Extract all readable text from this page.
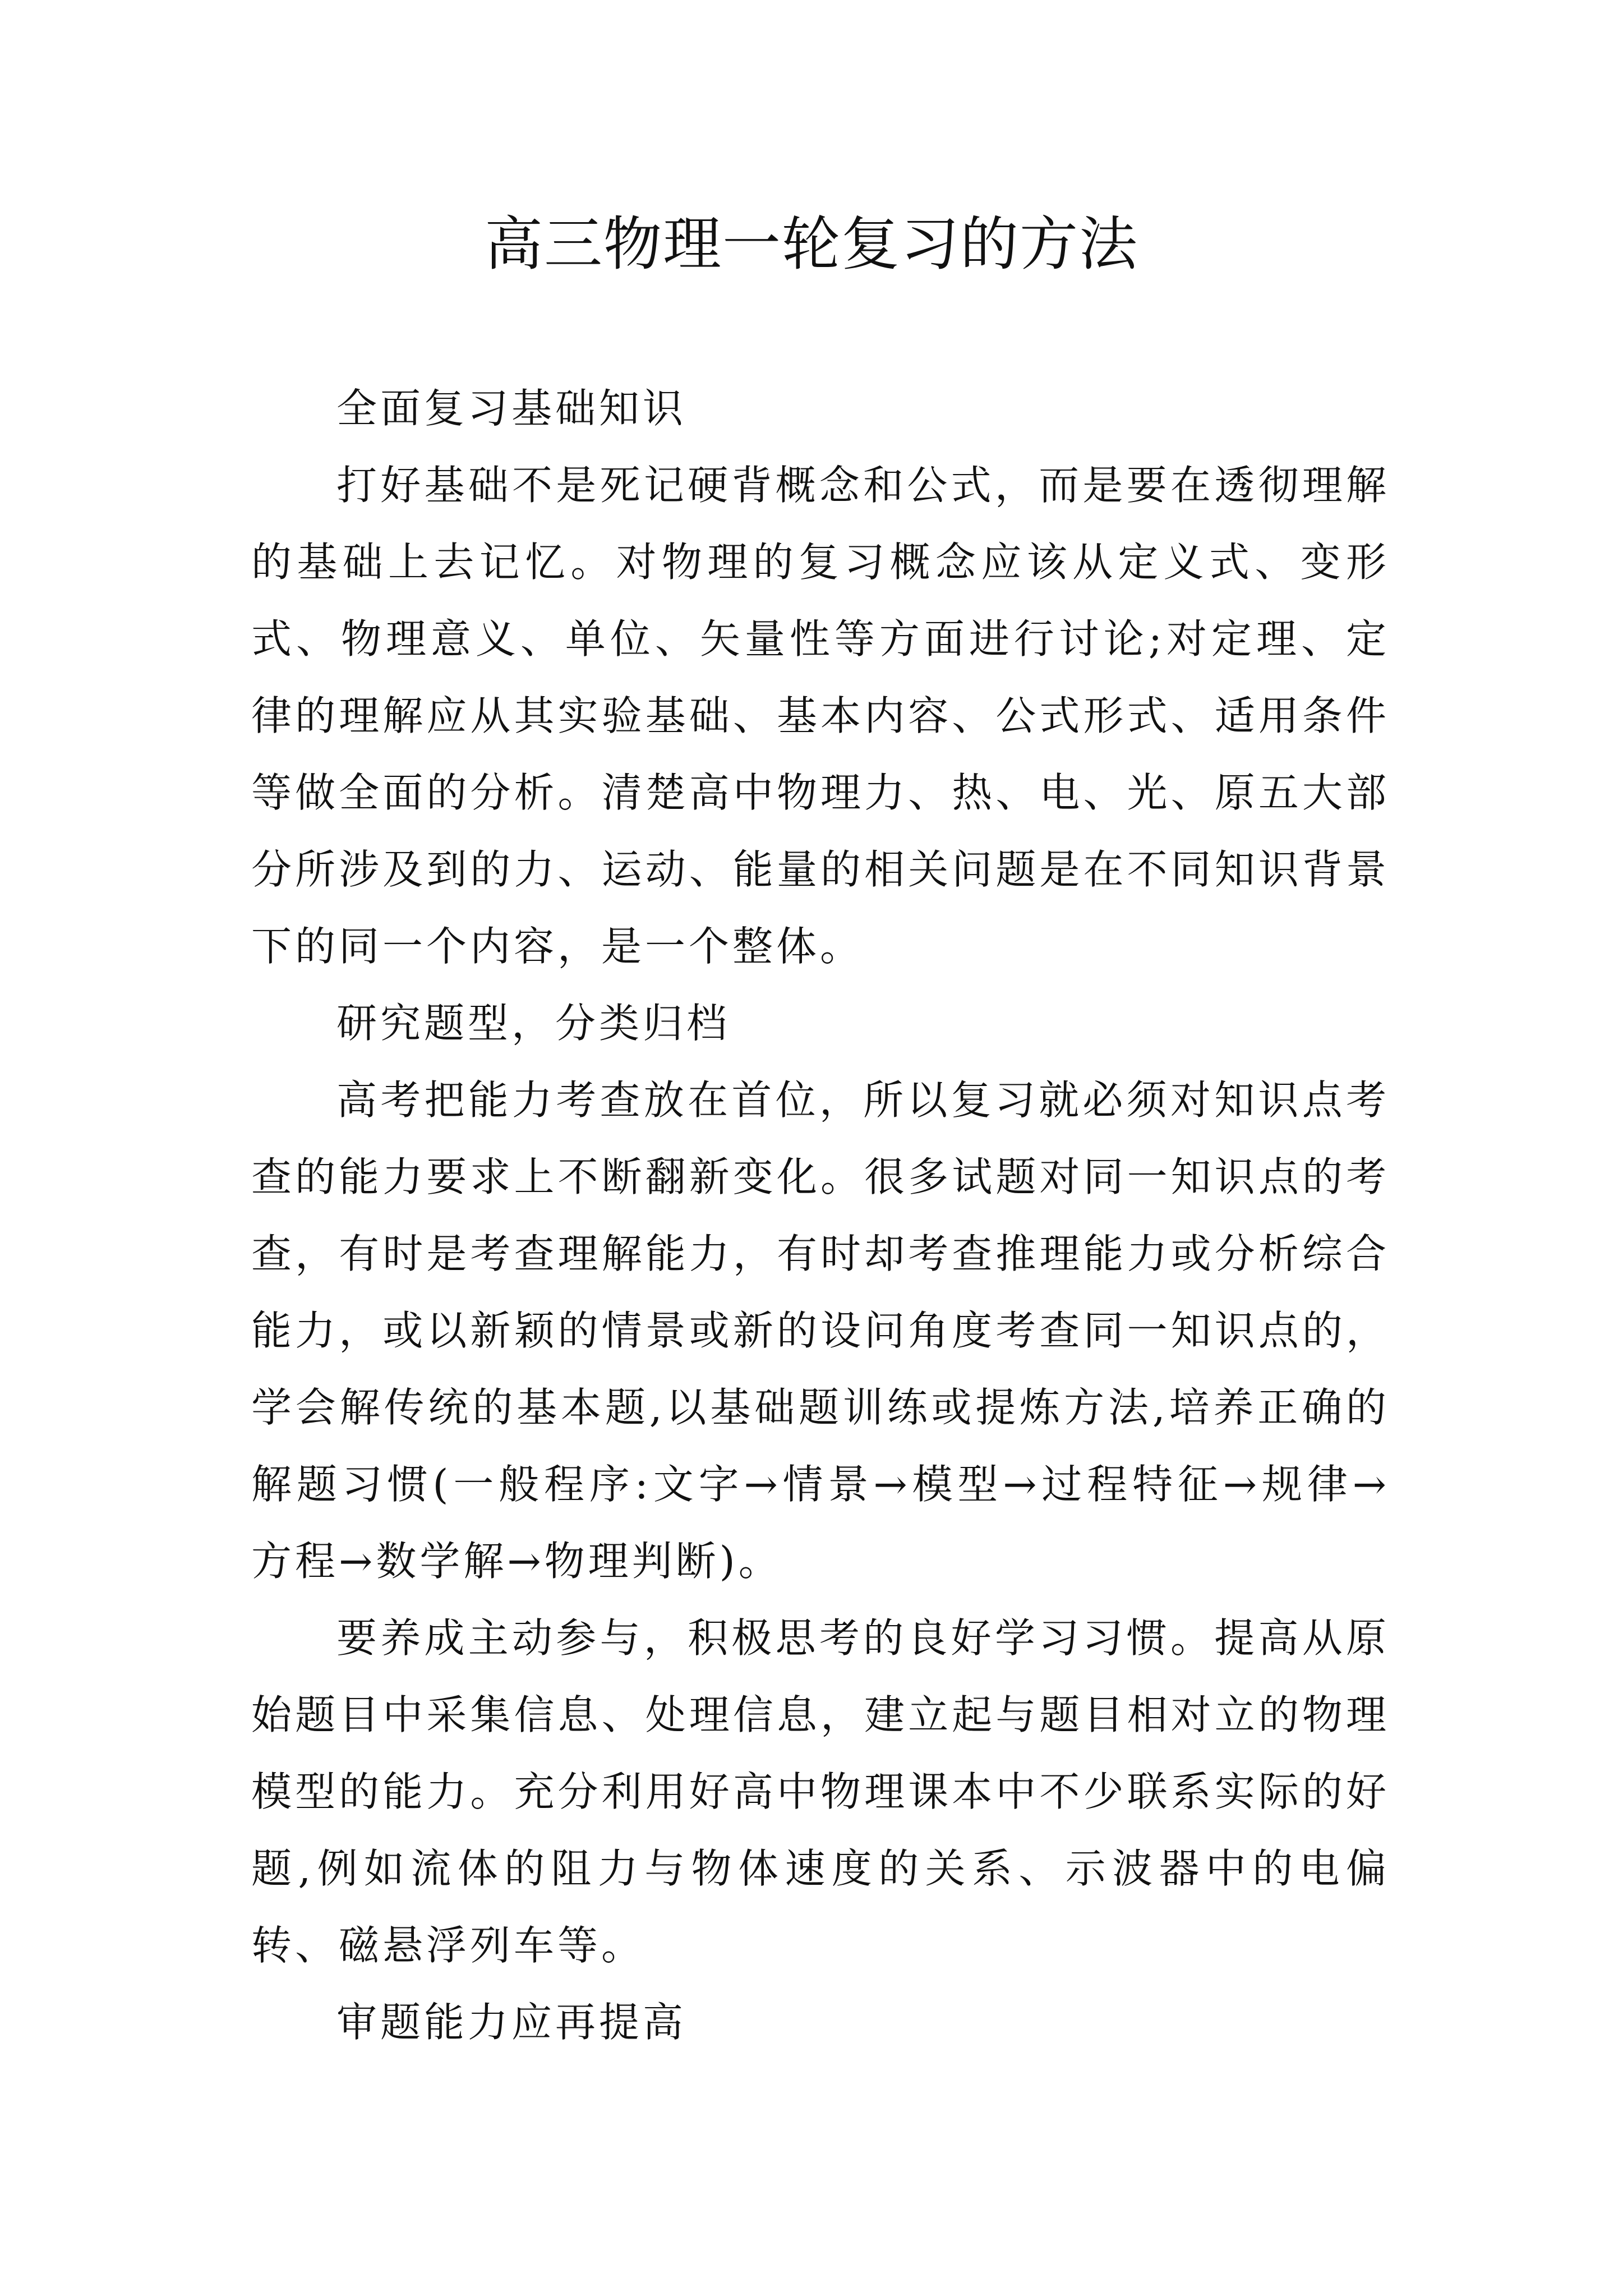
高三物理一轮复习的方法

全面复习基础知识

打好基础不是死记硬背概念和公式，而是要在透彻理解的基础上去记忆。对物理的复习概念应该从定义式、变形式、物理意义、单位、矢量性等方面进行讨论;对定理、定律的理解应从其实验基础、基本内容、公式形式、适用条件等做全面的分析。清楚高中物理力、热、电、光、原五大部分所涉及到的力、运动、能量的相关问题是在不同知识背景下的同一个内容，是一个整体。

研究题型，分类归档

高考把能力考查放在首位，所以复习就必须对知识点考查的能力要求上不断翻新变化。很多试题对同一知识点的考查，有时是考查理解能力，有时却考查推理能力或分析综合能力，或以新颖的情景或新的设问角度考查同一知识点的，学会解传统的基本题,以基础题训练或提炼方法,培养正确的解题习惯(一般程序:文字→情景→模型→过程特征→规律→方程→数学解→物理判断)。

要养成主动参与，积极思考的良好学习习惯。提高从原始题目中采集信息、处理信息，建立起与题目相对立的物理模型的能力。充分利用好高中物理课本中不少联系实际的好题,例如流体的阻力与物体速度的关系、示波器中的电偏转、磁悬浮列车等。

审题能力应再提高
